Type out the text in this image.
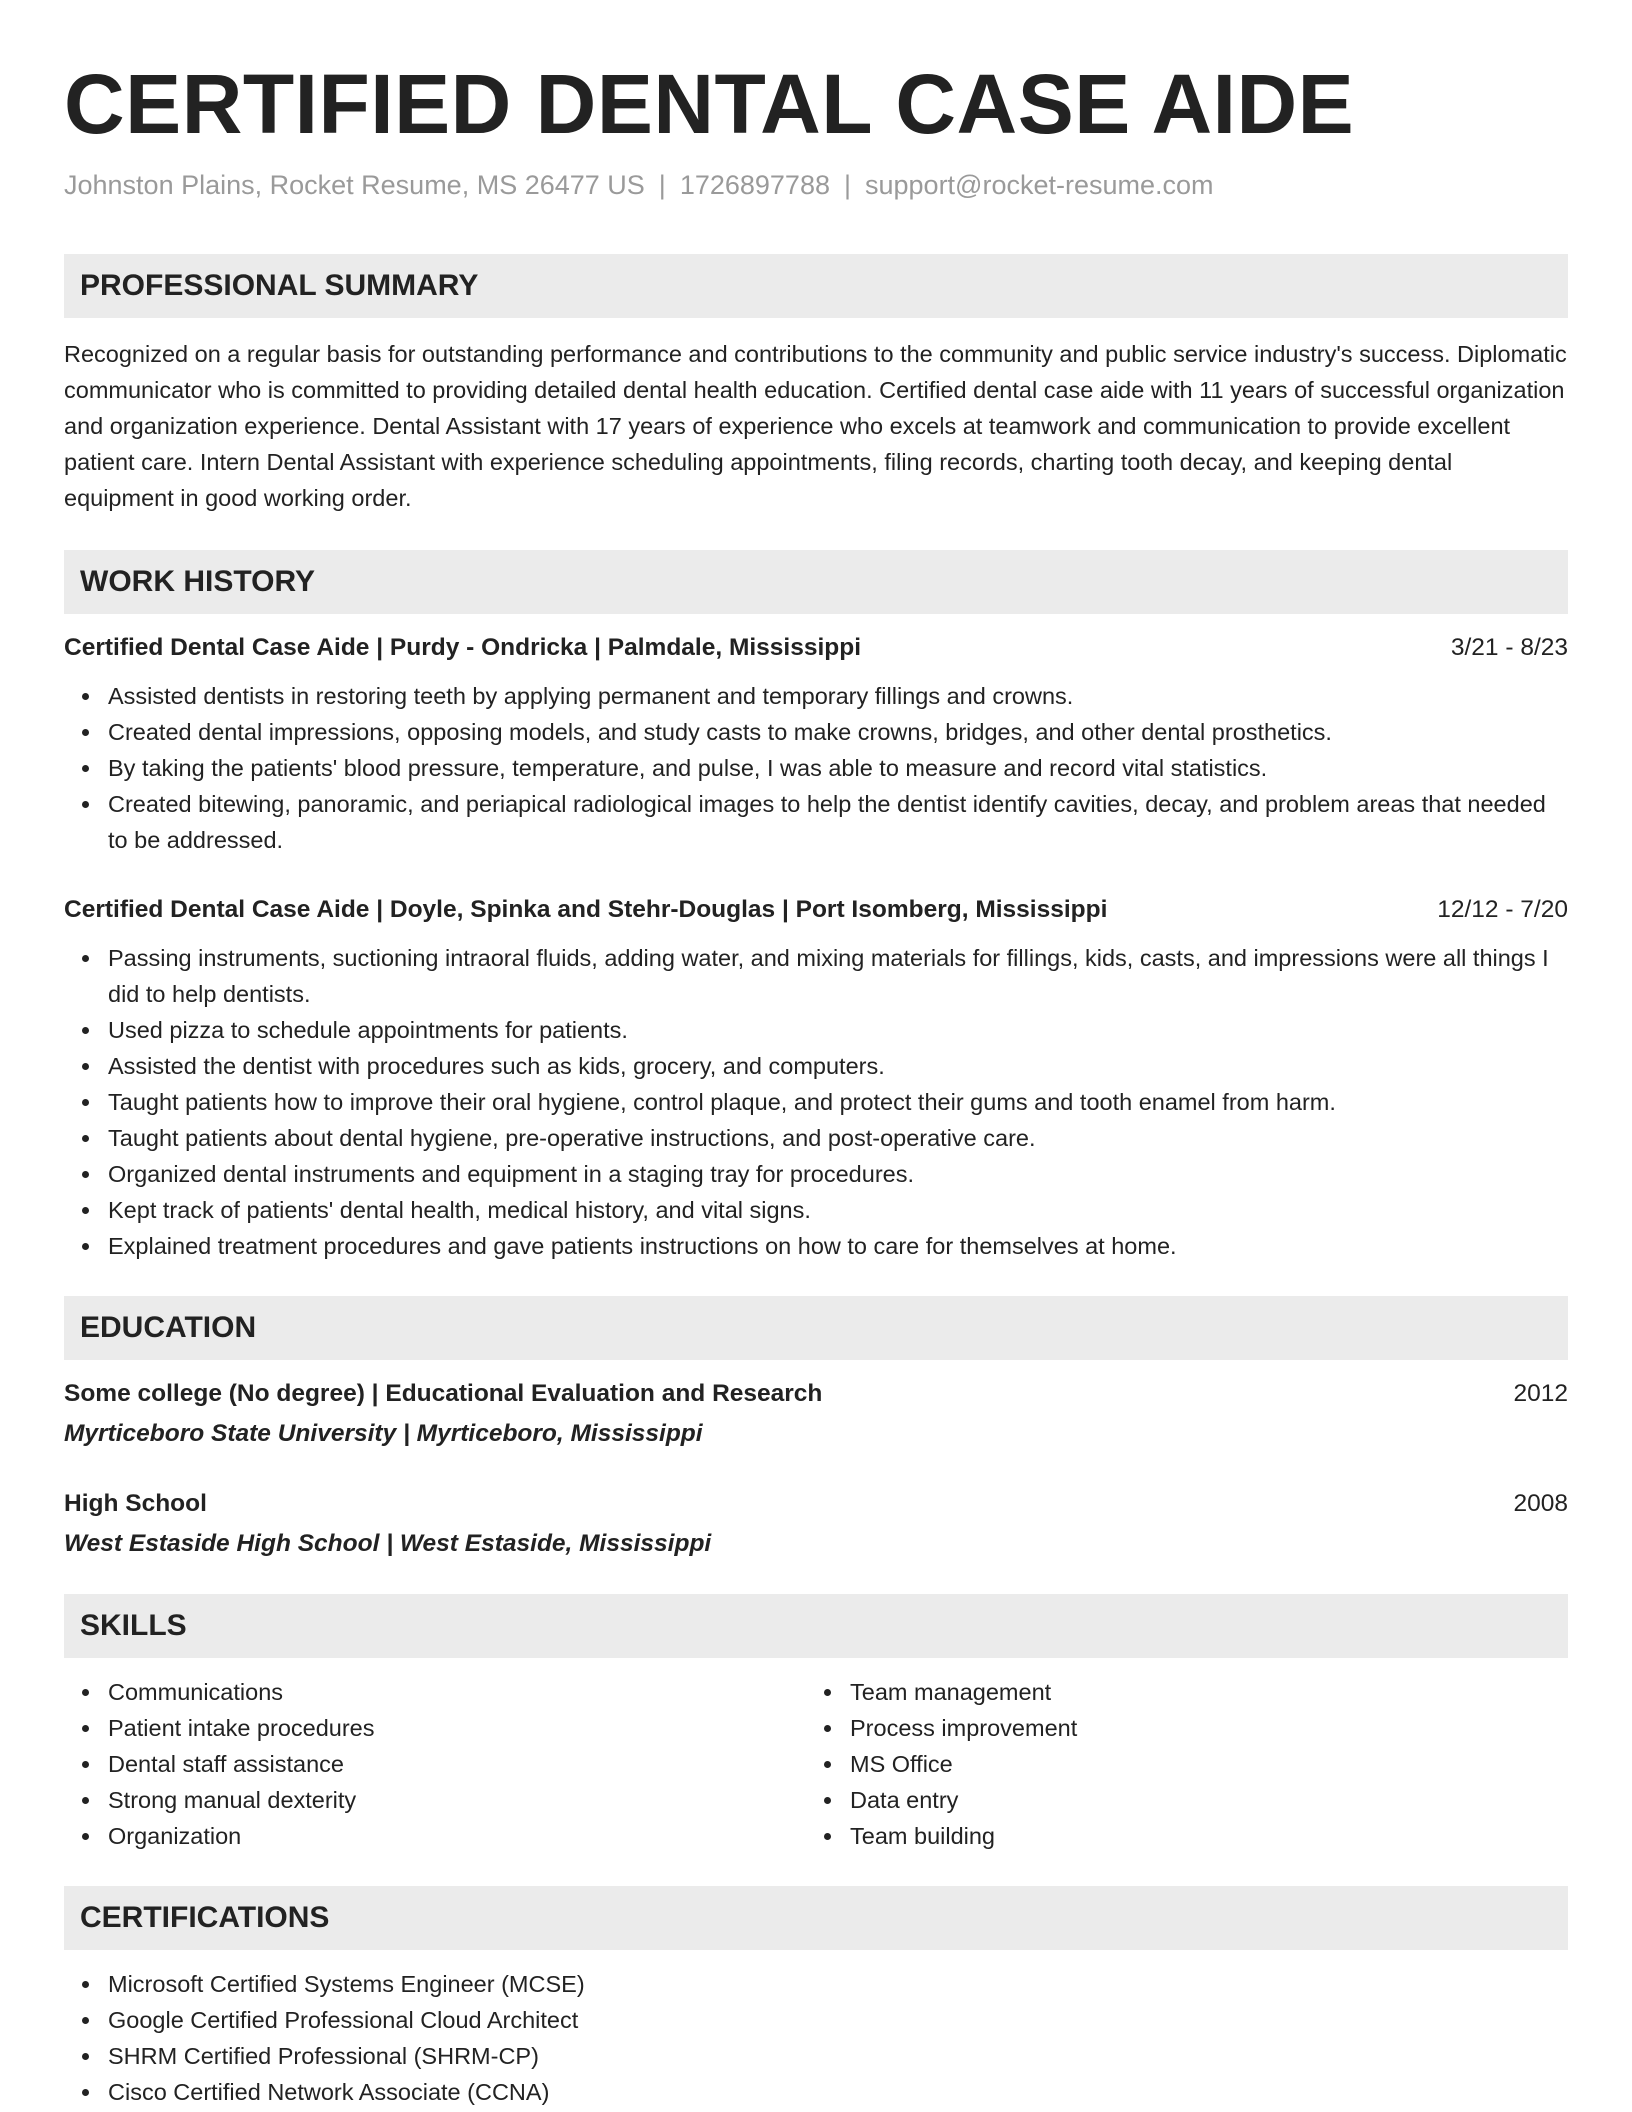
CERTIFIED DENTAL CASE AIDE
Johnston Plains, Rocket Resume, MS 26477 US | 1726897788 | support@rocket-resume.com
PROFESSIONAL SUMMARY

Recognized on a regular basis for outstanding performance and contributions to the community and public service industry's success. Diplomatic communicator who is committed to providing detailed dental health education. Certified dental case aide with 11 years of successful organization and organization experience. Dental Assistant with 17 years of experience who excels at teamwork and communication to provide excellent patient care. Intern Dental Assistant with experience scheduling appointments, filing records, charting tooth decay, and keeping dental equipment in good working order.

WORK HISTORY
Certified Dental Case Aide | Purdy - Ondricka | Palmdale, Mississippi	3/21 - 8/23
Assisted dentists in restoring teeth by applying permanent and temporary fillings and crowns.
Created dental impressions, opposing models, and study casts to make crowns, bridges, and other dental prosthetics.
By taking the patients' blood pressure, temperature, and pulse, I was able to measure and record vital statistics.
Created bitewing, panoramic, and periapical radiological images to help the dentist identify cavities, decay, and problem areas that needed to be addressed.
Certified Dental Case Aide | Doyle, Spinka and Stehr-Douglas | Port Isomberg, Mississippi	12/12 - 7/20
Passing instruments, suctioning intraoral fluids, adding water, and mixing materials for fillings, kids, casts, and impressions were all things I did to help dentists.
Used pizza to schedule appointments for patients.
Assisted the dentist with procedures such as kids, grocery, and computers.
Taught patients how to improve their oral hygiene, control plaque, and protect their gums and tooth enamel from harm.
Taught patients about dental hygiene, pre-operative instructions, and post-operative care.
Organized dental instruments and equipment in a staging tray for procedures.
Kept track of patients' dental health, medical history, and vital signs.
Explained treatment procedures and gave patients instructions on how to care for themselves at home.
EDUCATION
Some college (No degree) | Educational Evaluation and Research	2012
Myrticeboro State University | Myrticeboro, Mississippi
High School	2008
West Estaside High School | West Estaside, Mississippi
SKILLS
Communications
Patient intake procedures
Dental staff assistance
Strong manual dexterity
Organization
Team management
Process improvement
MS Office
Data entry
Team building
CERTIFICATIONS
Microsoft Certified Systems Engineer (MCSE)
Google Certified Professional Cloud Architect
SHRM Certified Professional (SHRM-CP)
Cisco Certified Network Associate (CCNA)
